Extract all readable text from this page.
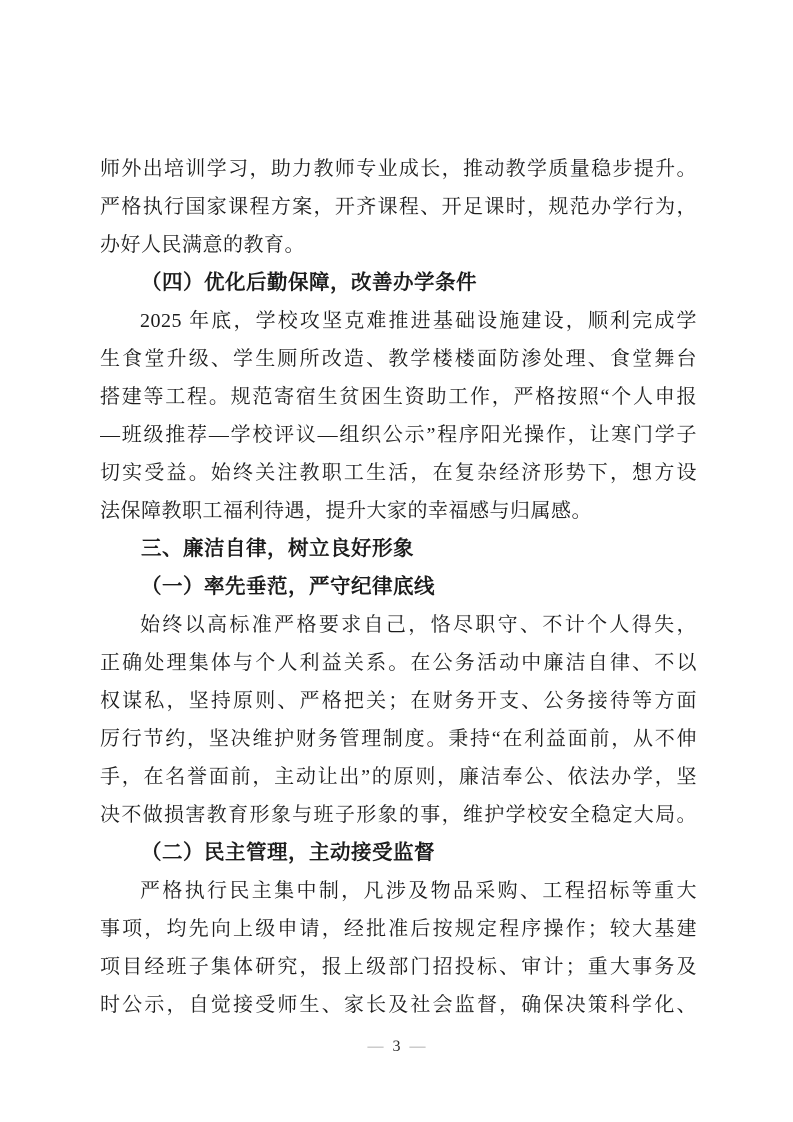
师外出培训学习，助力教师专业成长，推动教学质量稳步提升。
严格执行国家课程方案，开齐课程、开足课时，规范办学行为，
办好人民满意的教育。
（四）优化后勤保障，改善办学条件
2025 年底，学校攻坚克难推进基础设施建设，顺利完成学
生食堂升级、学生厕所改造、教学楼楼面防渗处理、食堂舞台
搭建等工程。规范寄宿生贫困生资助工作，严格按照“个人申报
—班级推荐—学校评议—组织公示”程序阳光操作，让寒门学子
切实受益。始终关注教职工生活，在复杂经济形势下，想方设
法保障教职工福利待遇，提升大家的幸福感与归属感。
三、廉洁自律，树立良好形象
（一）率先垂范，严守纪律底线
始终以高标准严格要求自己，恪尽职守、不计个人得失，
正确处理集体与个人利益关系。在公务活动中廉洁自律、不以
权谋私，坚持原则、严格把关；在财务开支、公务接待等方面
厉行节约，坚决维护财务管理制度。秉持“在利益面前，从不伸
手，在名誉面前，主动让出”的原则，廉洁奉公、依法办学，坚
决不做损害教育形象与班子形象的事，维护学校安全稳定大局。
（二）民主管理，主动接受监督
严格执行民主集中制，凡涉及物品采购、工程招标等重大
事项，均先向上级申请，经批准后按规定程序操作；较大基建
项目经班子集体研究，报上级部门招投标、审计；重大事务及
时公示，自觉接受师生、家长及社会监督，确保决策科学化、
— 3 —
